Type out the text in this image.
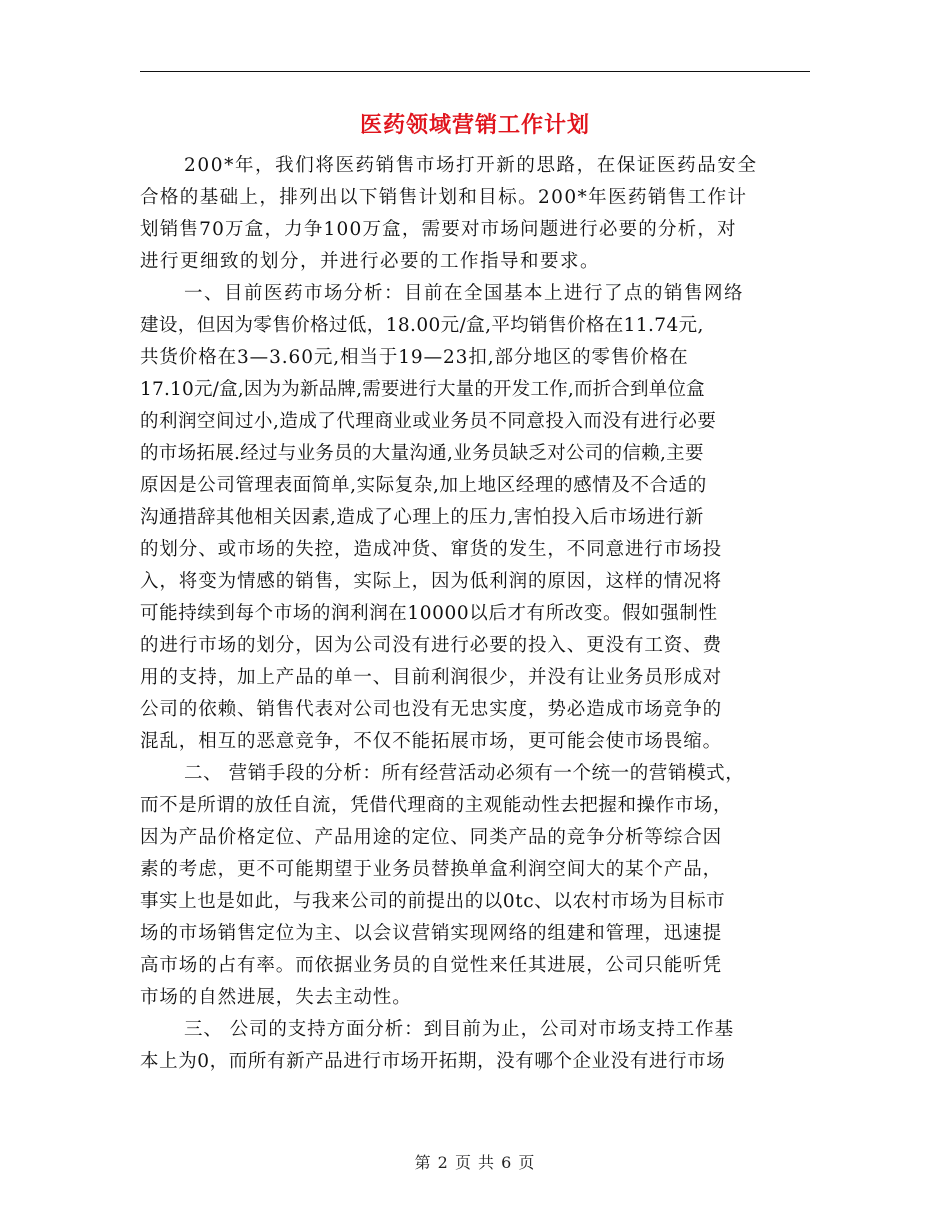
医药领域营销工作计划
200*年，我们将医药销售市场打开新的思路，在保证医药品安全
合格的基础上，排列出以下销售计划和目标。200*年医药销售工作计
划销售70万盒，力争100万盒，需要对市场问题进行必要的分析，对
进行更细致的划分，并进行必要的工作指导和要求。
一、目前医药市场分析：目前在全国基本上进行了点的销售网络
建设，但因为零售价格过低，18.00元/盒,平均销售价格在11.74元,
共货价格在3—3.60元,相当于19—23扣,部分地区的零售价格在
17.10元/盒,因为为新品牌,需要进行大量的开发工作,而折合到单位盒
的利润空间过小,造成了代理商业或业务员不同意投入而没有进行必要
的市场拓展.经过与业务员的大量沟通,业务员缺乏对公司的信赖,主要
原因是公司管理表面简单,实际复杂,加上地区经理的感情及不合适的
沟通措辞其他相关因素,造成了心理上的压力,害怕投入后市场进行新
的划分、或市场的失控，造成冲货、窜货的发生，不同意进行市场投
入，将变为情感的销售，实际上，因为低利润的原因，这样的情况将
可能持续到每个市场的润利润在10000以后才有所改变。假如强制性
的进行市场的划分，因为公司没有进行必要的投入、更没有工资、费
用的支持，加上产品的单一、目前利润很少，并没有让业务员形成对
公司的依赖、销售代表对公司也没有无忠实度，势必造成市场竞争的
混乱，相互的恶意竞争，不仅不能拓展市场，更可能会使市场畏缩。
二、 营销手段的分析：所有经营活动必须有一个统一的营销模式，
而不是所谓的放任自流，凭借代理商的主观能动性去把握和操作市场，
因为产品价格定位、产品用途的定位、同类产品的竞争分析等综合因
素的考虑，更不可能期望于业务员替换单盒利润空间大的某个产品，
事实上也是如此，与我来公司的前提出的以0tc、以农村市场为目标市
场的市场销售定位为主、以会议营销实现网络的组建和管理，迅速提
高市场的占有率。而依据业务员的自觉性来任其进展，公司只能听凭
市场的自然进展，失去主动性。
三、 公司的支持方面分析：到目前为止，公司对市场支持工作基
本上为0，而所有新产品进行市场开拓期，没有哪个企业没有进行市场
第 2 页 共 6 页
